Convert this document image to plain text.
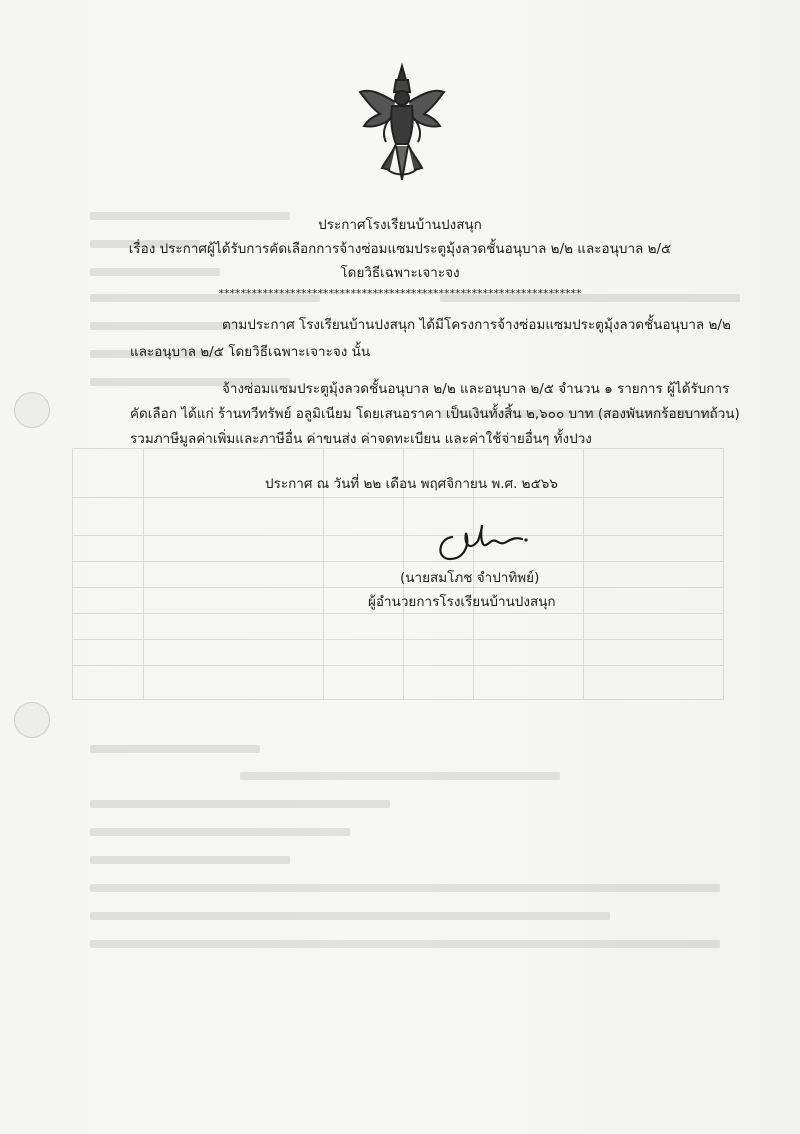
ประกาศโรงเรียนบ้านปงสนุก
เรื่อง ประกาศผู้ได้รับการคัดเลือกการจ้างซ่อมแซมประตูมุ้งลวดชั้นอนุบาล ๒/๒ และอนุบาล ๒/๕
โดยวิธีเฉพาะเจาะจง
******************************************************************
ตามประกาศ โรงเรียนบ้านปงสนุก ได้มีโครงการจ้างซ่อมแซมประตูมุ้งลวดชั้นอนุบาล ๒/๒
และอนุบาล ๒/๕ โดยวิธีเฉพาะเจาะจง นั้น
จ้างซ่อมแซมประตูมุ้งลวดชั้นอนุบาล ๒/๒ และอนุบาล ๒/๕ จำนวน ๑ รายการ ผู้ได้รับการ
คัดเลือก ได้แก่ ร้านทวีทรัพย์ อลูมิเนียม โดยเสนอราคา เป็นเงินทั้งสิ้น ๒,๖๐๐ บาท (สองพันหกร้อยบาทถ้วน)
รวมภาษีมูลค่าเพิ่มและภาษีอื่น ค่าขนส่ง ค่าจดทะเบียน และค่าใช้จ่ายอื่นๆ ทั้งปวง
ประกาศ ณ วันที่ ๒๒ เดือน พฤศจิกายน พ.ศ. ๒๕๖๖
(นายสมโภช จำปาทิพย์)
ผู้อำนวยการโรงเรียนบ้านปงสนุก
